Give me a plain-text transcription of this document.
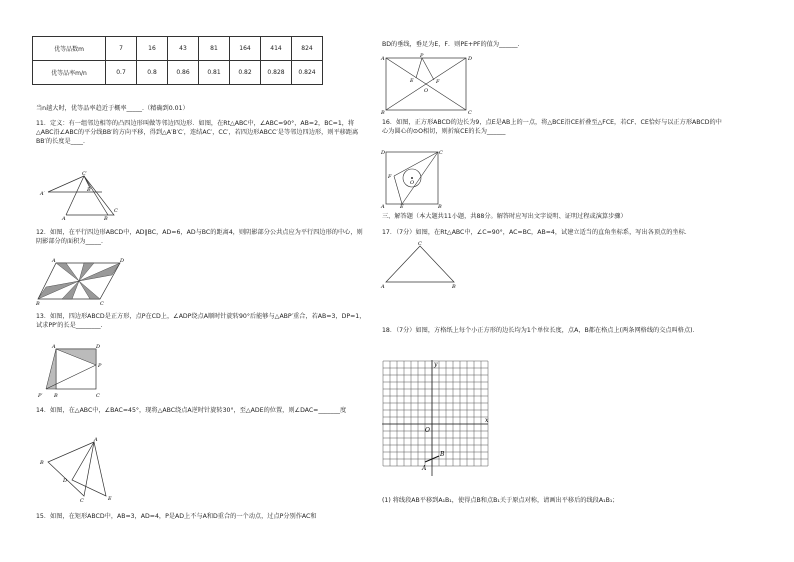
优等品数m	7	16	43	81	164	414	824
优等品率m/n	0.7	0.8	0.86	0.81	0.82	0.828	0.824
当n越大时，优等品率趋近于概率_____.（精确到0.01）
11．定义：有一组邻边相等的凸四边形叫做等邻边四边形．如图，在Rt△ABC中，∠ABC=90°，AB=2，BC=1，将△ABC沿∠ABC的平分线BB′的方向平移，得到△A′B′C′，连结AC′，CC′，若四边形ABCC′是等邻边四边形，则平移距离BB′的长度是____.
A′
C′
B′
A	B
C
12．如图，在平行四边形ABCD中，AD∥BC，AD=6，AD与BC的距离4，则阴影部分公共点应为平行四边形的中心，则阴影部分的面积为_____.
A	D
B	C
13．如图，四边形ABCD是正方形，点P在CD上，∠ADP绕点A顺时针旋转90°后能够与△ABP′重合，若AB=3，DP=1，试求PP′的长是________.
A	D
P
P′ B	C
14．如图，在△ABC中，∠BAC=45°，现将△ABC绕点A逆时针旋转30°，至△ADE的位置，则∠DAC=_______度
A
B
D
C	E
15．如图，在矩形ABCD中，AB=3，AD=4，P是AD上不与A和D重合的一个动点，过点P分别作AC和
BD的垂线，垂足为E，F．则PE+PF的值为______.
A	P	D
E	F
O
B	C
16．如图，正方形ABCD的边长为9，点E是AB上的一点，将△BCE沿CE折叠至△FCE，若CF、CE恰好与以正方形ABCD的中心为圆心的⊙O相切，则折痕CE的长为______
D	C
F
O
A	E	B
三、解答题（本大题共11小题，共88分。解答时应写出文字说明、证明过程或演算步骤）
17．（7分）如图，在Rt△ABC中，∠C=90°，AC=BC，AB=4，试建立适当的直角坐标系，写出各顶点的坐标．
C
A	B
18．（7分）如图，方格纸上每个小正方形的边长均为1个单位长度，点A，B都在格点上(两条网格线的交点叫格点)．
x
y
O
A
B
(1) 将线段AB平移到A₁B₁，使得点B和点B₁关于原点对称，请画出平移后的线段A₁B₁；
